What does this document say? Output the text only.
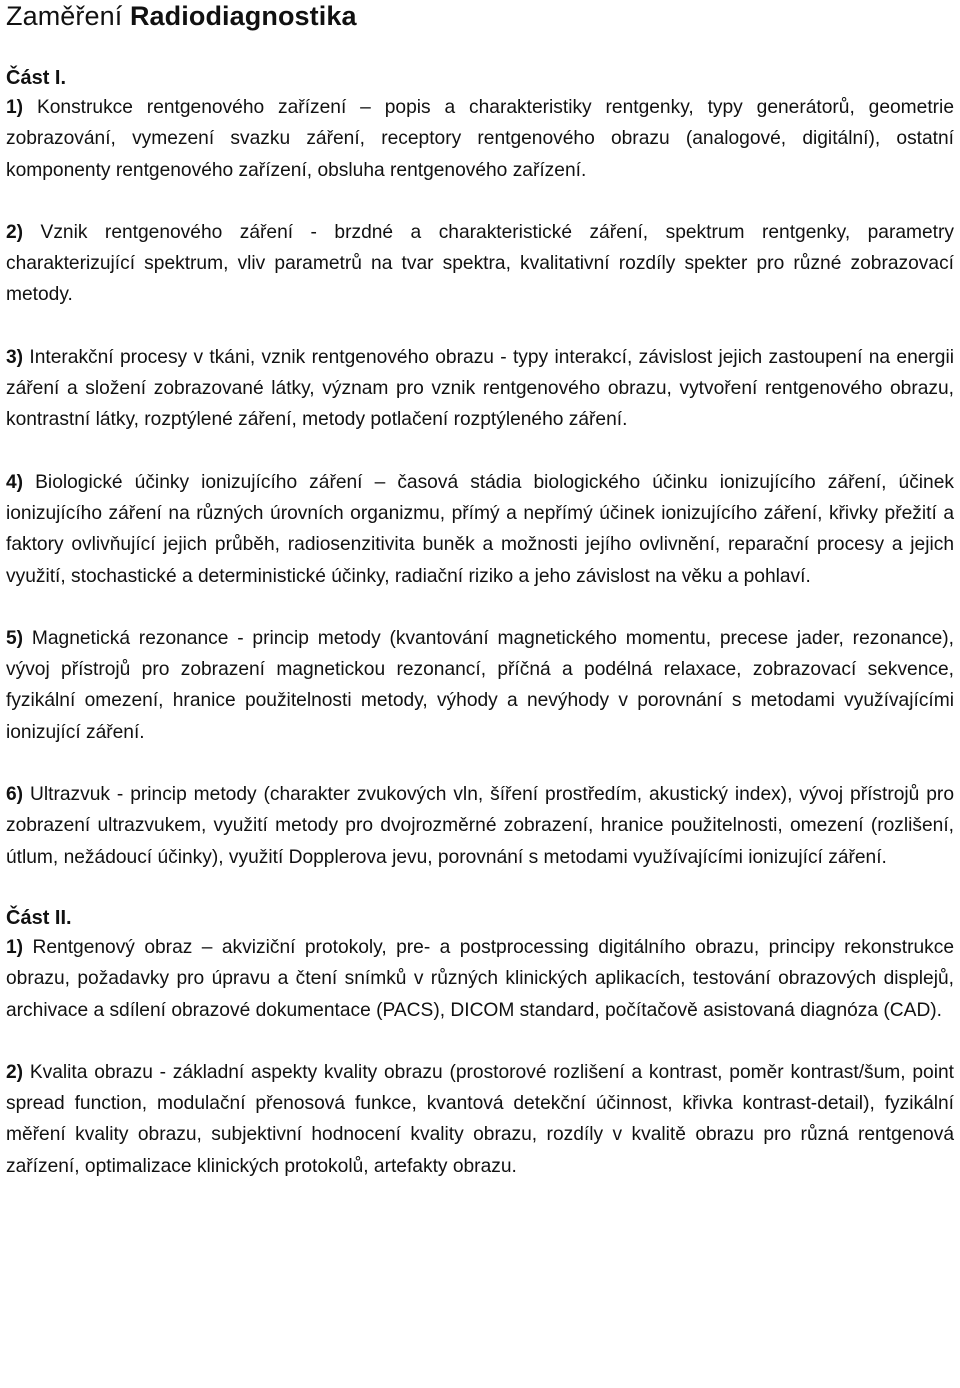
Zaměření Radiodiagnostika
Část I.

1) Konstrukce rentgenového zařízení – popis a charakteristiky rentgenky, typy generátorů, geometrie zobrazování, vymezení svazku záření, receptory rentgenového obrazu (analogové, digitální), ostatní komponenty rentgenového zařízení, obsluha rentgenového zařízení.

2) Vznik rentgenového záření - brzdné a charakteristické záření, spektrum rentgenky, parametry charakterizující spektrum, vliv parametrů na tvar spektra, kvalitativní rozdíly spekter pro různé zobrazovací metody.

3) Interakční procesy v tkáni, vznik rentgenového obrazu - typy interakcí, závislost jejich zastoupení na energii záření a složení zobrazované látky, význam pro vznik rentgenového obrazu, vytvoření rentgenového obrazu, kontrastní látky, rozptýlené záření, metody potlačení rozptýleného záření.

4) Biologické účinky ionizujícího záření – časová stádia biologického účinku ionizujícího záření, účinek ionizujícího záření na různých úrovních organizmu, přímý a nepřímý účinek ionizujícího záření, křivky přežití a faktory ovlivňující jejich průběh, radiosenzitivita buněk a možnosti jejího ovlivnění, reparační procesy a jejich využití, stochastické a deterministické účinky, radiační riziko a jeho závislost na věku a pohlaví.

5) Magnetická rezonance - princip metody (kvantování magnetického momentu, precese jader, rezonance), vývoj přístrojů pro zobrazení magnetickou rezonancí, příčná a podélná relaxace, zobrazovací sekvence, fyzikální omezení, hranice použitelnosti metody, výhody a nevýhody v porovnání s metodami využívajícími ionizující záření.

6) Ultrazvuk - princip metody (charakter zvukových vln, šíření prostředím, akustický index), vývoj přístrojů pro zobrazení ultrazvukem, využití metody pro dvojrozměrné zobrazení, hranice použitelnosti, omezení (rozlišení, útlum, nežádoucí účinky), využití Dopplerova jevu, porovnání s metodami využívajícími ionizující záření.

Část II.

1) Rentgenový obraz – akviziční protokoly, pre- a postprocessing digitálního obrazu, principy rekonstrukce obrazu, požadavky pro úpravu a čtení snímků v různých klinických aplikacích, testování obrazových displejů, archivace a sdílení obrazové dokumentace (PACS), DICOM standard, počítačově asistovaná diagnóza (CAD).

2) Kvalita obrazu - základní aspekty kvality obrazu (prostorové rozlišení a kontrast, poměr kontrast/šum, point spread function, modulační přenosová funkce, kvantová detekční účinnost, křivka kontrast-detail), fyzikální měření kvality obrazu, subjektivní hodnocení kvality obrazu, rozdíly v kvalitě obrazu pro různá rentgenová zařízení, optimalizace klinických protokolů, artefakty obrazu.
